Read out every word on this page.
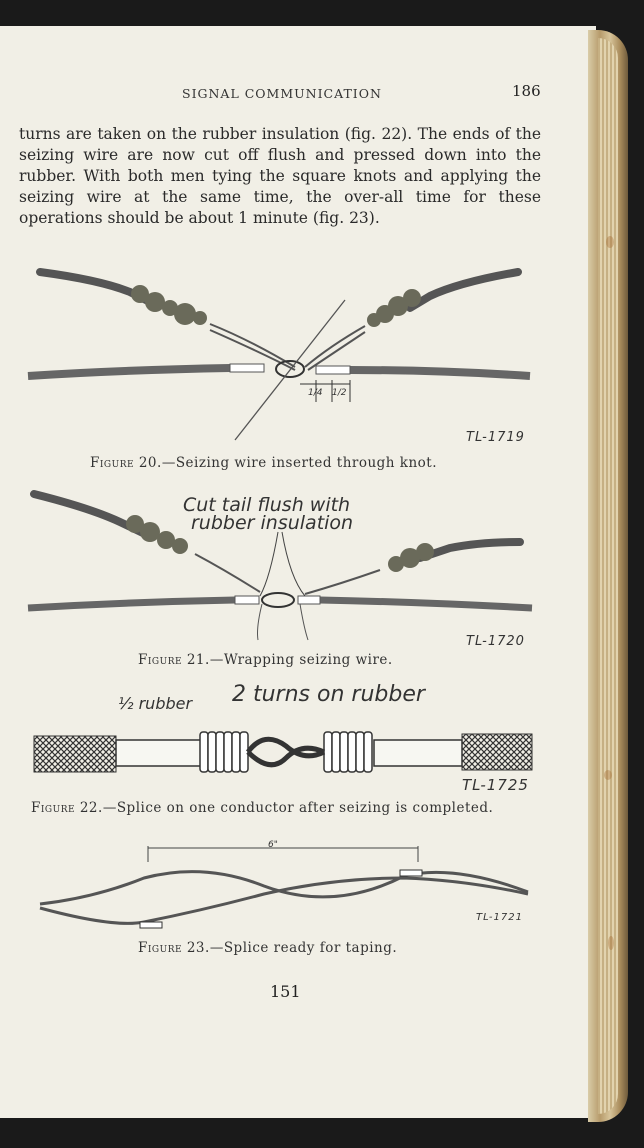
SIGNAL COMMUNICATION	186

turns are taken on the rubber insulation (fig. 22). The ends of the seizing wire are now cut off flush and pressed down into the rubber. With both men tying the square knots and applying the seizing wire at the same time, the over-all time for these operations should be about 1 minute (fig. 23).

1/4 1/2
TL-1719
Figure 20.—Seizing wire inserted through knot.
Cut tail flush with
rubber insulation
TL-1720
Figure 21.—Wrapping seizing wire.
½ rubber 2 turns on rubber
TL-1725
Figure 22.—Splice on one conductor after seizing is completed.
6"
TL-1721
Figure 23.—Splice ready for taping.
151
